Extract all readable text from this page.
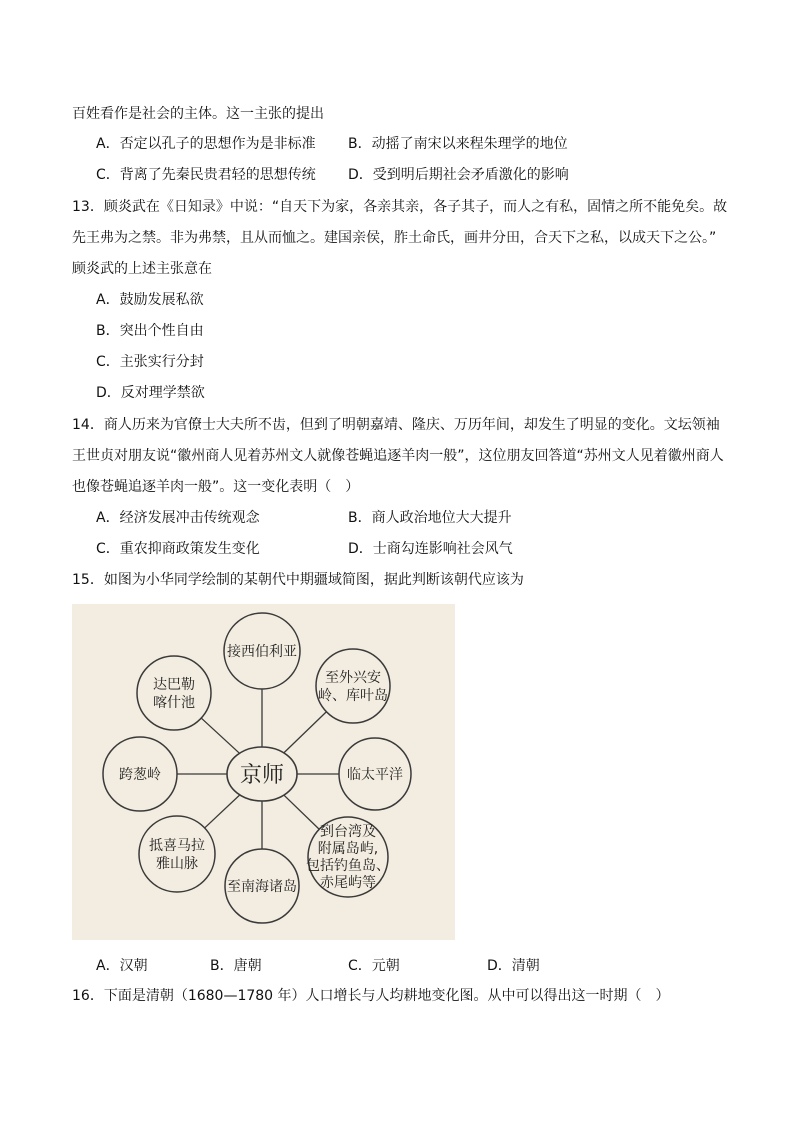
百姓看作是社会的主体。这一主张的提出
A．否定以孔子的思想作为是非标准 B．动摇了南宋以来程朱理学的地位
C．背离了先秦民贵君轻的思想传统 D．受到明后期社会矛盾激化的影响
13．顾炎武在《日知录》中说：“自天下为家，各亲其亲，各子其子，而人之有私，固情之所不能免矣。故
先王弗为之禁。非为弗禁，且从而恤之。建国亲侯，胙土命氏，画井分田，合天下之私，以成天下之公。”
顾炎武的上述主张意在
A．鼓励发展私欲
B．突出个性自由
C．主张实行分封
D．反对理学禁欲
14．商人历来为官僚士大夫所不齿，但到了明朝嘉靖、隆庆、万历年间，却发生了明显的变化。文坛领袖
王世贞对朋友说“徽州商人见着苏州文人就像苍蝇追逐羊肉一般”，这位朋友回答道“苏州文人见着徽州商人
也像苍蝇追逐羊肉一般”。这一变化表明（　）
A．经济发展冲击传统观念	B．商人政治地位大大提升
C．重农抑商政策发生变化	D．士商勾连影响社会风气
15．如图为小华同学绘制的某朝代中期疆域简图，据此判断该朝代应该为
接西伯利亚
至外兴安
岭、库叶岛
临太平洋
到台湾及
附属岛屿,
包括钓鱼岛、
赤尾屿等
至南海诸岛
抵喜马拉
雅山脉
跨葱岭
达巴勒
喀什池
京师
A．汉朝	B．唐朝	C．元朝	D．清朝
16．下面是清朝（1680—1780 年）人口增长与人均耕地变化图。从中可以得出这一时期（　）
